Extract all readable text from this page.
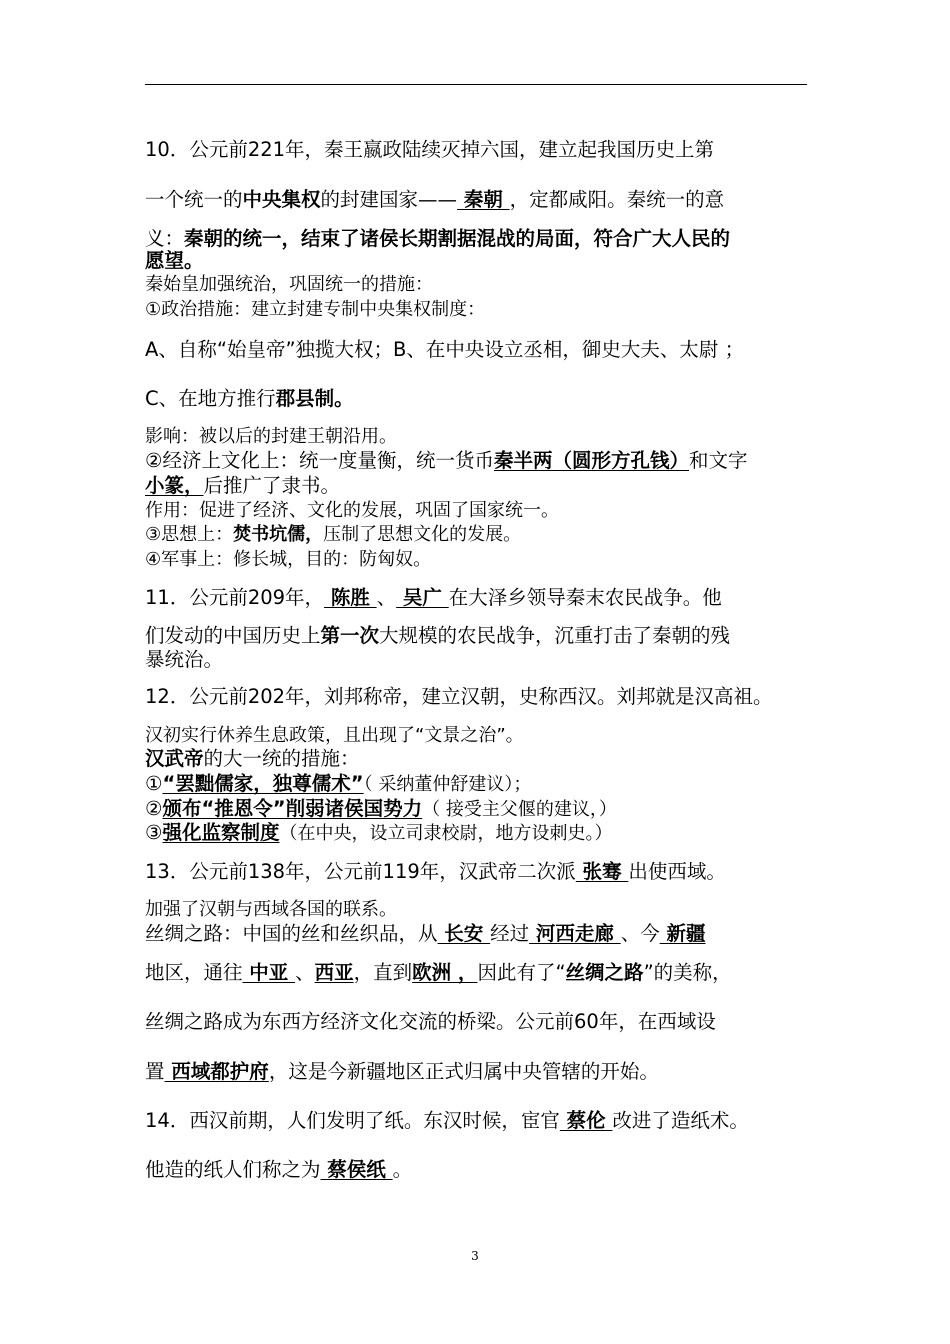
10．公元前221年，秦王嬴政陆续灭掉六国，建立起我国历史上第
一个统一的中央集权的封建国家—— 秦朝 ，定都咸阳。秦统一的意
义：秦朝的统一，结束了诸侯长期割据混战的局面，符合广大人民的
愿望。
秦始皇加强统治，巩固统一的措施：
①政治措施：建立封建专制中央集权制度：
A、自称“始皇帝”独揽大权；B、在中央设立丞相，御史大夫、太尉 ；
C、在地方推行郡县制。
影响：被以后的封建王朝沿用。
②经济上文化上：统一度量衡，统一货币秦半两（圆形方孔钱）和文字
小篆，后推广了隶书。
作用：促进了经济、文化的发展，巩固了国家统一。
③思想上：焚书坑儒，压制了思想文化的发展。
④军事上：修长城，目的：防匈奴。
11．公元前209年， 陈胜 、 吴广 在大泽乡领导秦末农民战争。他
们发动的中国历史上第一次大规模的农民战争，沉重打击了秦朝的残
暴统治。
12．公元前202年，刘邦称帝，建立汉朝，史称西汉。刘邦就是汉高祖。
汉初实行休养生息政策，且出现了“文景之治”。
汉武帝的大一统的措施：
①“罢黜儒家，独尊儒术”（ 采纳董仲舒建议）；
②颁布“推恩令”削弱诸侯国势力（ 接受主父偃的建议，）
③强化监察制度（在中央，设立司隶校尉，地方设刺史。）
13．公元前138年，公元前119年，汉武帝二次派 张骞 出使西域。
加强了汉朝与西域各国的联系。
丝绸之路：中国的丝和丝织品，从 长安 经过 河西走廊 、今 新疆
地区，通往 中亚 、西亚，直到欧洲 ，因此有了“丝绸之路”的美称，
丝绸之路成为东西方经济文化交流的桥梁。公元前60年，在西域设
置 西域都护府，这是今新疆地区正式归属中央管辖的开始。
14．西汉前期，人们发明了纸。东汉时候，宦官 蔡伦 改进了造纸术。
他造的纸人们称之为 蔡侯纸 。
3
